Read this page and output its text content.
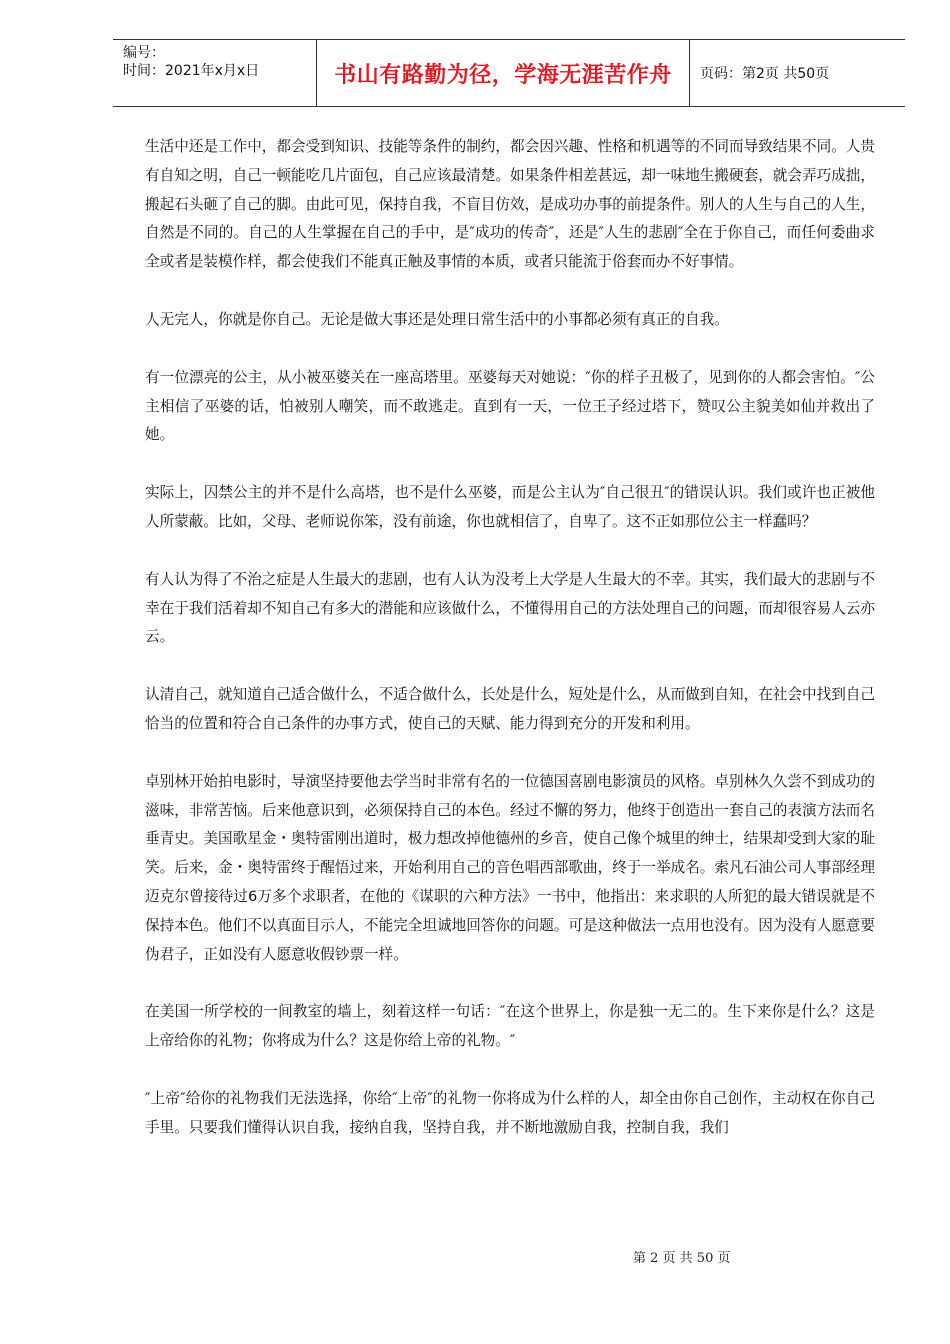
编号：
时间：2021年x月x日	书山有路勤为径，学海无涯苦作舟 页码：第2页 共50页

生活中还是工作中，都会受到知识、技能等条件的制约，都会因兴趣、性格和机遇等的不同而导致结果不同。人贵有自知之明，自己一顿能吃几片面包，自己应该最清楚。如果条件相差甚远，却一味地生搬硬套，就会弄巧成拙，搬起石头砸了自己的脚。由此可见，保持自我，不盲目仿效，是成功办事的前提条件。别人的人生与自己的人生，自然是不同的。自己的人生掌握在自己的手中，是″成功的传奇″，还是″人生的悲剧″全在于你自己，而任何委曲求全或者是装模作样，都会使我们不能真正触及事情的本质，或者只能流于俗套而办不好事情。

人无完人，你就是你自己。无论是做大事还是处理日常生活中的小事都必须有真正的自我。

有一位漂亮的公主，从小被巫婆关在一座高塔里。巫婆每天对她说：″你的样子丑极了，见到你的人都会害怕。″公主相信了巫婆的话，怕被别人嘲笑，而不敢逃走。直到有一天，一位王子经过塔下，赞叹公主貌美如仙并救出了她。

实际上，囚禁公主的并不是什么高塔，也不是什么巫婆，而是公主认为″自己很丑″的错误认识。我们或许也正被他人所蒙蔽。比如，父母、老师说你笨，没有前途，你也就相信了，自卑了。这不正如那位公主一样蠢吗？

有人认为得了不治之症是人生最大的悲剧，也有人认为没考上大学是人生最大的不幸。其实，我们最大的悲剧与不幸在于我们活着却不知自己有多大的潜能和应该做什么，不懂得用自己的方法处理自己的问题，而却很容易人云亦云。

认清自己，就知道自己适合做什么，不适合做什么，长处是什么，短处是什么，从而做到自知，在社会中找到自己恰当的位置和符合自己条件的办事方式，使自己的天赋、能力得到充分的开发和利用。

卓别林开始拍电影时，导演坚持要他去学当时非常有名的一位德国喜剧电影演员的风格。卓别林久久尝不到成功的滋味，非常苦恼。后来他意识到，必须保持自己的本色。经过不懈的努力，他终于创造出一套自己的表演方法而名垂青史。美国歌星金・奥特雷刚出道时，极力想改掉他德州的乡音，使自己像个城里的绅士，结果却受到大家的耻笑。后来，金・奥特雷终于醒悟过来，开始利用自己的音色唱西部歌曲，终于一举成名。索凡石油公司人事部经理迈克尔曾接待过6万多个求职者，在他的《谋职的六种方法》一书中，他指出：来求职的人所犯的最大错误就是不保持本色。他们不以真面目示人，不能完全坦诚地回答你的问题。可是这种做法一点用也没有。因为没有人愿意要伪君子，正如没有人愿意收假钞票一样。

在美国一所学校的一间教室的墙上，刻着这样一句话：″在这个世界上，你是独一无二的。生下来你是什么？这是上帝给你的礼物；你将成为什么？这是你给上帝的礼物。″

″上帝″给你的礼物我们无法选择，你给″上帝″的礼物一你将成为什么样的人，却全由你自己创作，主动权在你自己手里。只要我们懂得认识自我，接纳自我，坚持自我，并不断地激励自我，控制自我，我们

第 2 页 共 50 页
